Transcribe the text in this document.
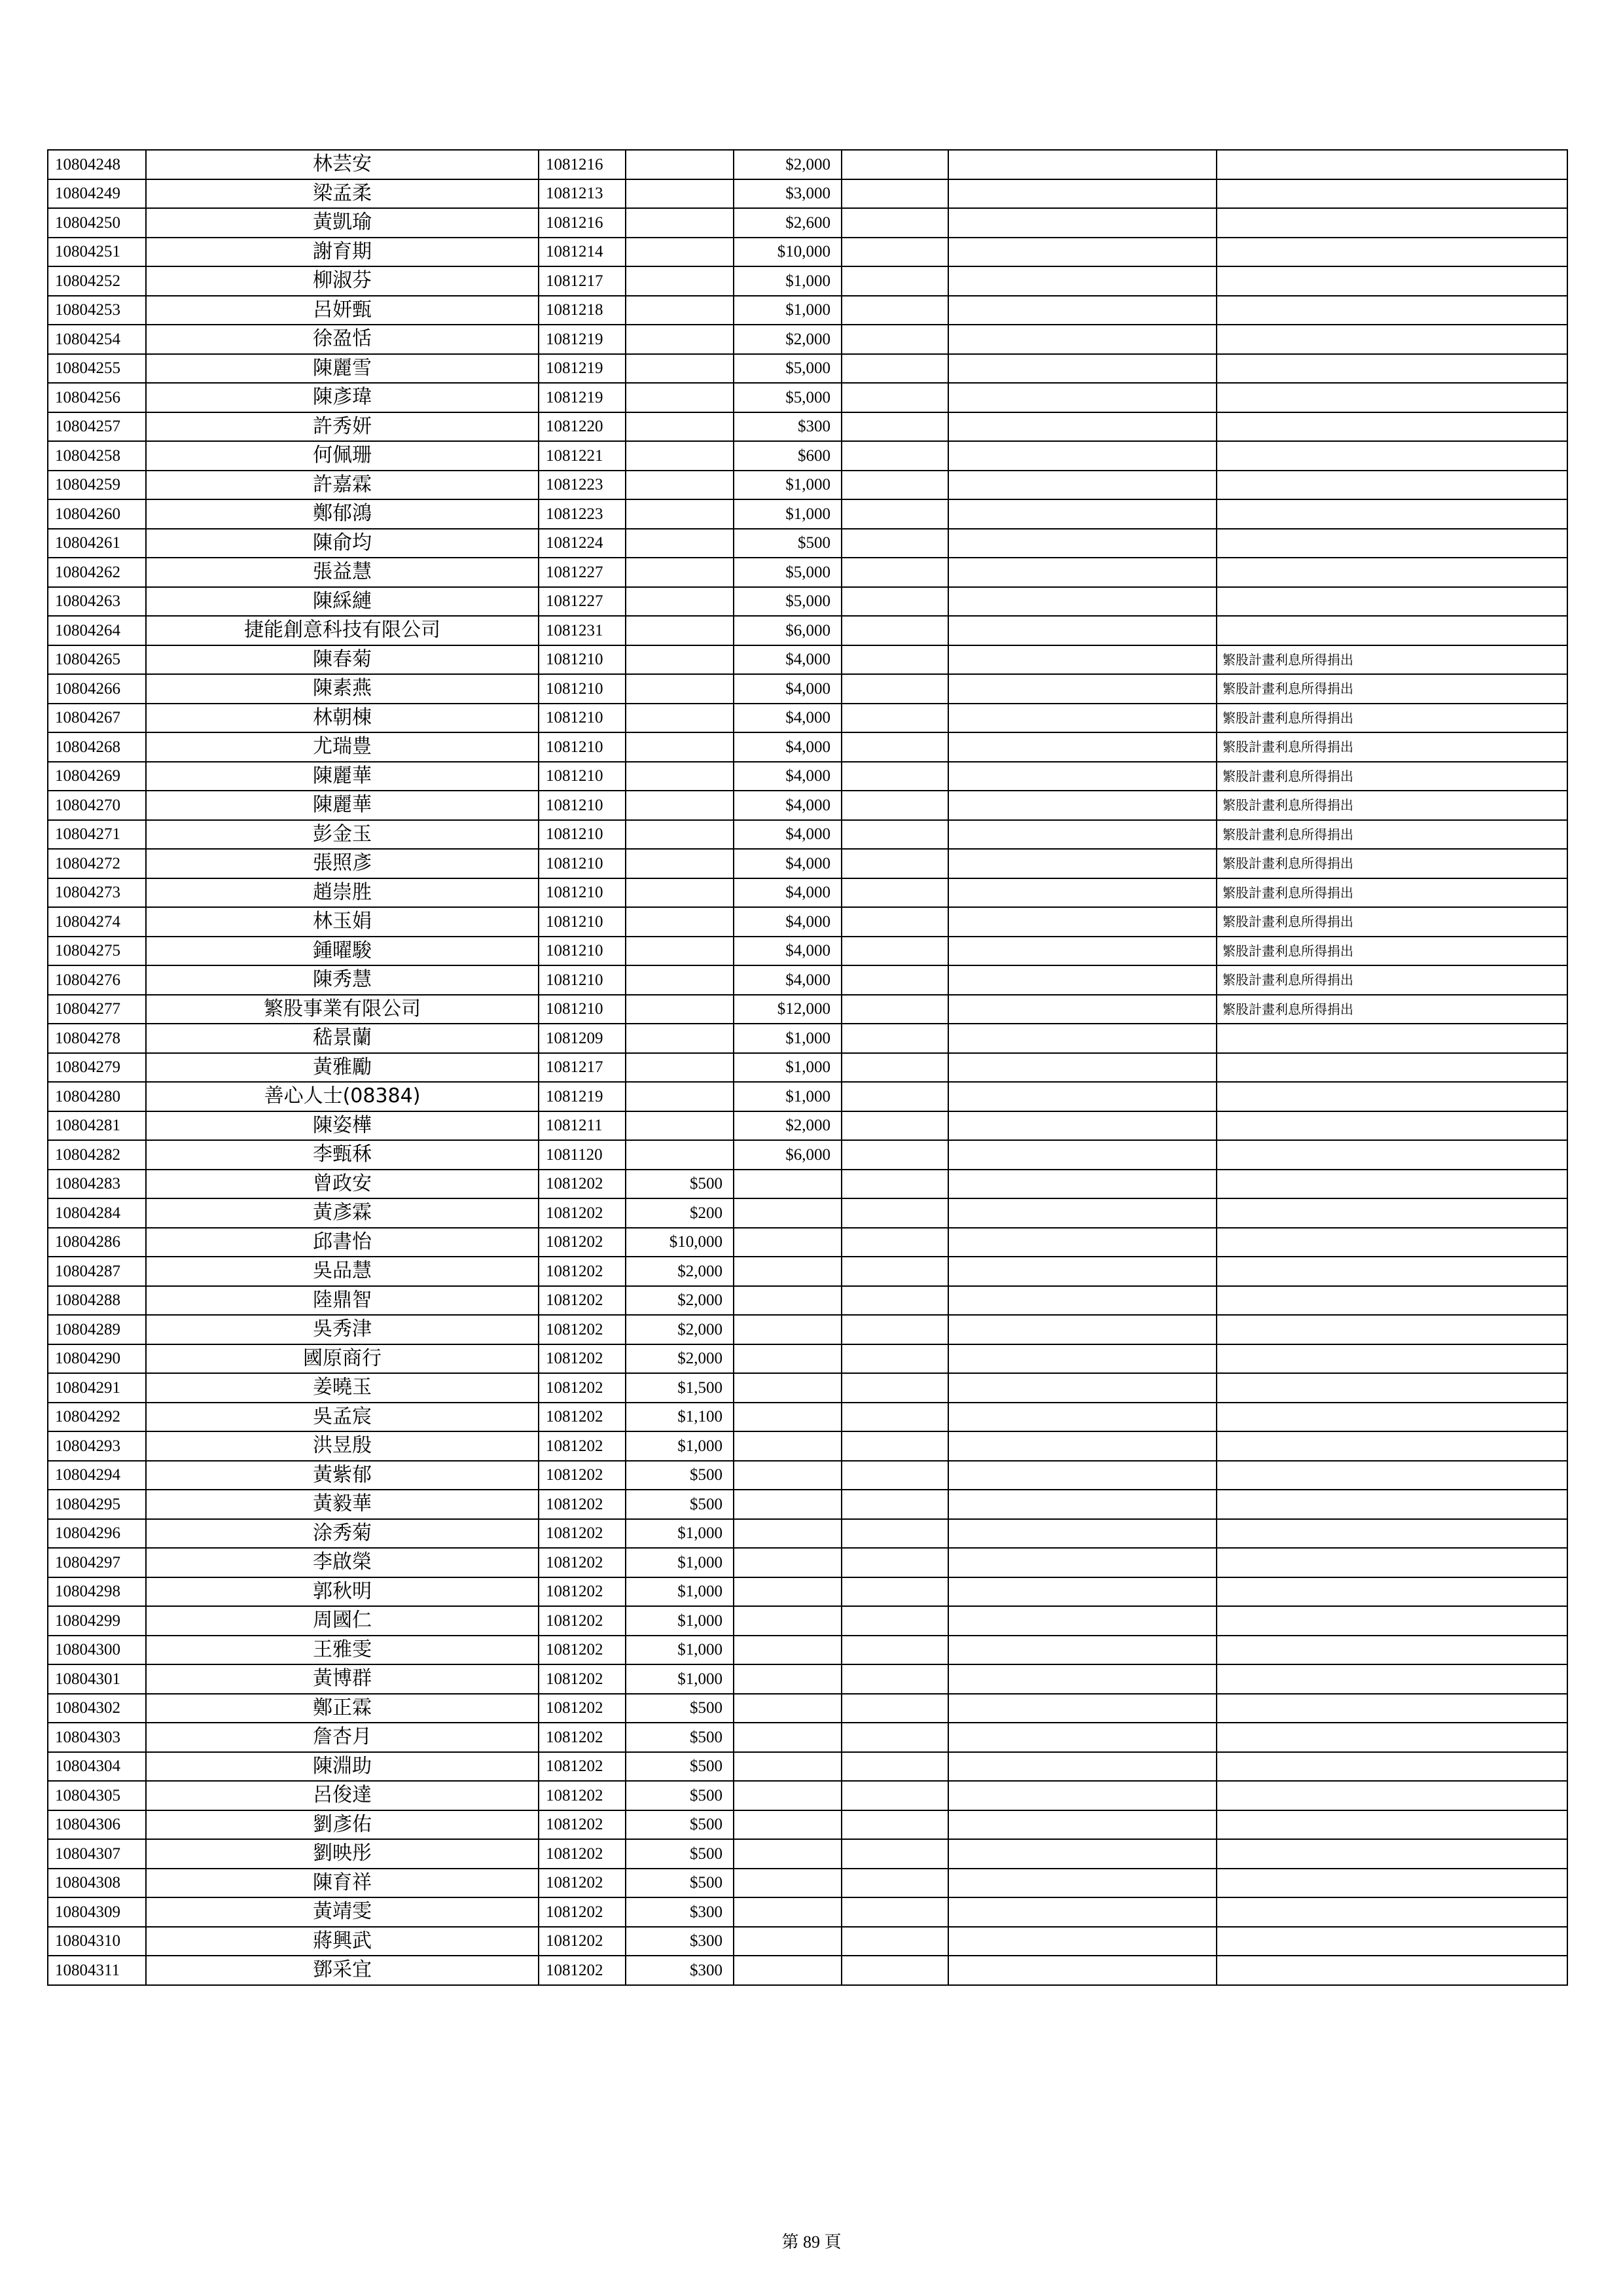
10804248	林芸安	1081216		$2,000			
10804249	梁孟柔	1081213		$3,000			
10804250	黃凱瑜	1081216		$2,600			
10804251	謝育期	1081214		$10,000			
10804252	柳淑芬	1081217		$1,000			
10804253	呂妍甄	1081218		$1,000			
10804254	徐盈恬	1081219		$2,000			
10804255	陳麗雪	1081219		$5,000			
10804256	陳彥瑋	1081219		$5,000			
10804257	許秀妍	1081220		$300			
10804258	何佩珊	1081221		$600			
10804259	許嘉霖	1081223		$1,000			
10804260	鄭郁鴻	1081223		$1,000			
10804261	陳俞均	1081224		$500			
10804262	張益慧	1081227		$5,000			
10804263	陳綵縺	1081227		$5,000			
10804264	捷能創意科技有限公司	1081231		$6,000			
10804265	陳春菊	1081210		$4,000			繁股計畫利息所得捐出
10804266	陳素燕	1081210		$4,000			繁股計畫利息所得捐出
10804267	林朝棟	1081210		$4,000			繁股計畫利息所得捐出
10804268	尤瑞豊	1081210		$4,000			繁股計畫利息所得捐出
10804269	陳麗華	1081210		$4,000			繁股計畫利息所得捐出
10804270	陳麗華	1081210		$4,000			繁股計畫利息所得捐出
10804271	彭金玉	1081210		$4,000			繁股計畫利息所得捐出
10804272	張照彥	1081210		$4,000			繁股計畫利息所得捐出
10804273	趙崇胜	1081210		$4,000			繁股計畫利息所得捐出
10804274	林玉娟	1081210		$4,000			繁股計畫利息所得捐出
10804275	鍾曜駿	1081210		$4,000			繁股計畫利息所得捐出
10804276	陳秀慧	1081210		$4,000			繁股計畫利息所得捐出
10804277	繁股事業有限公司	1081210		$12,000			繁股計畫利息所得捐出
10804278	嵇景蘭	1081209		$1,000			
10804279	黃雅勵	1081217		$1,000			
10804280	善心人士(08384)	1081219		$1,000			
10804281	陳姿樺	1081211		$2,000			
10804282	李甄秝	1081120		$6,000			
10804283	曾政安	1081202	$500				
10804284	黃彥霖	1081202	$200				
10804286	邱書怡	1081202	$10,000				
10804287	吳品慧	1081202	$2,000				
10804288	陸鼎智	1081202	$2,000				
10804289	吳秀津	1081202	$2,000				
10804290	國原商行	1081202	$2,000				
10804291	姜曉玉	1081202	$1,500				
10804292	吳孟宸	1081202	$1,100				
10804293	洪昱殷	1081202	$1,000				
10804294	黃紫郁	1081202	$500				
10804295	黃毅華	1081202	$500				
10804296	涂秀菊	1081202	$1,000				
10804297	李啟榮	1081202	$1,000				
10804298	郭秋明	1081202	$1,000				
10804299	周國仁	1081202	$1,000				
10804300	王雅雯	1081202	$1,000				
10804301	黃博群	1081202	$1,000				
10804302	鄭正霖	1081202	$500				
10804303	詹杏月	1081202	$500				
10804304	陳淵助	1081202	$500				
10804305	呂俊達	1081202	$500				
10804306	劉彥佑	1081202	$500				
10804307	劉映彤	1081202	$500				
10804308	陳育祥	1081202	$500				
10804309	黃靖雯	1081202	$300				
10804310	蔣興武	1081202	$300				
10804311	鄧采宜	1081202	$300				
第 89 頁
